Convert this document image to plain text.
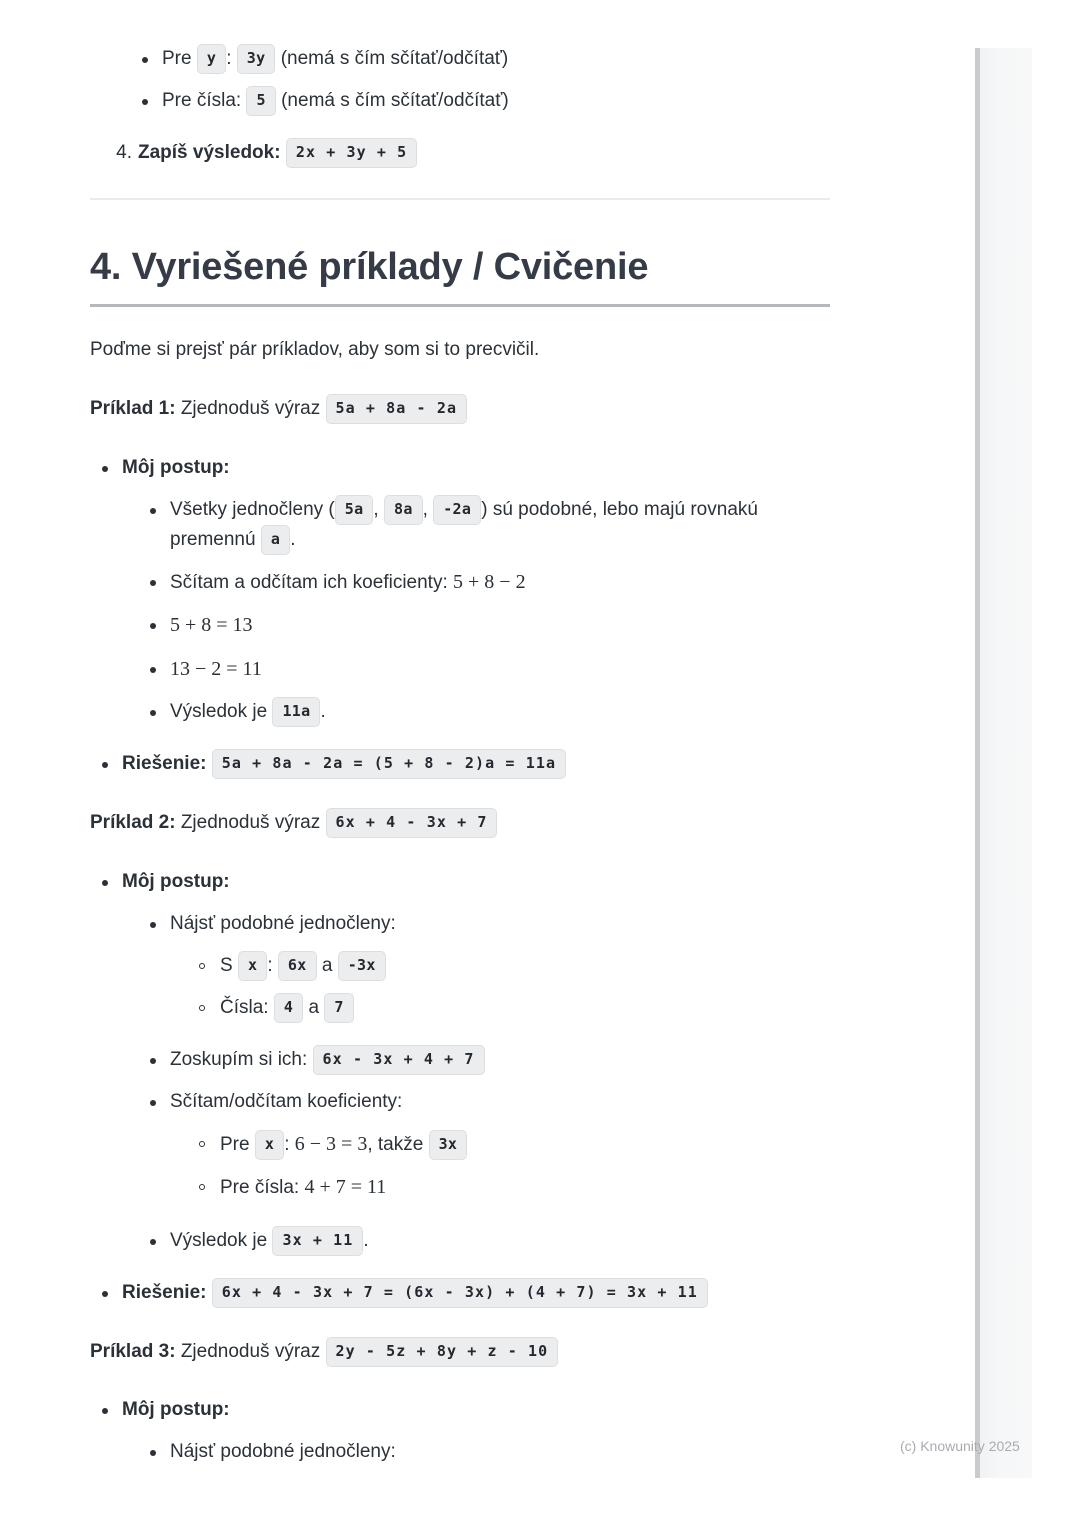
Pre y : 3y (nemá s čím sčítať/odčítať)
Pre čísla: 5 (nemá s čím sčítať/odčítať)
4. Zapíš výsledok: 2x + 3y + 5
4. Vyriešené príklady / Cvičenie

Poďme si prejsť pár príkladov, aby som si to precvičil.

Príklad 1: Zjednoduš výraz 5a + 8a - 2a

Môj postup:
Všetky jednočleny ( 5a , 8a , -2a ) sú podobné, lebo majú rovnakú premennú a .
Sčítam a odčítam ich koeficienty: 5 + 8 − 2
5 + 8 = 13
13 − 2 = 11
Výsledok je 11a .
Riešenie: 5a + 8a - 2a = (5 + 8 - 2)a = 11a

Príklad 2: Zjednoduš výraz 6x + 4 - 3x + 7

Môj postup:
Nájsť podobné jednočleny:
S x : 6x a -3x
Čísla: 4 a 7
Zoskupím si ich: 6x - 3x + 4 + 7
Sčítam/odčítam koeficienty:
Pre x : 6 − 3 = 3, takže 3x
Pre čísla: 4 + 7 = 11
Výsledok je 3x + 11 .
Riešenie: 6x + 4 - 3x + 7 = (6x - 3x) + (4 + 7) = 3x + 11

Príklad 3: Zjednoduš výraz 2y - 5z + 8y + z - 10

Môj postup:
Nájsť podobné jednočleny:	(c) Knowunity 2025
